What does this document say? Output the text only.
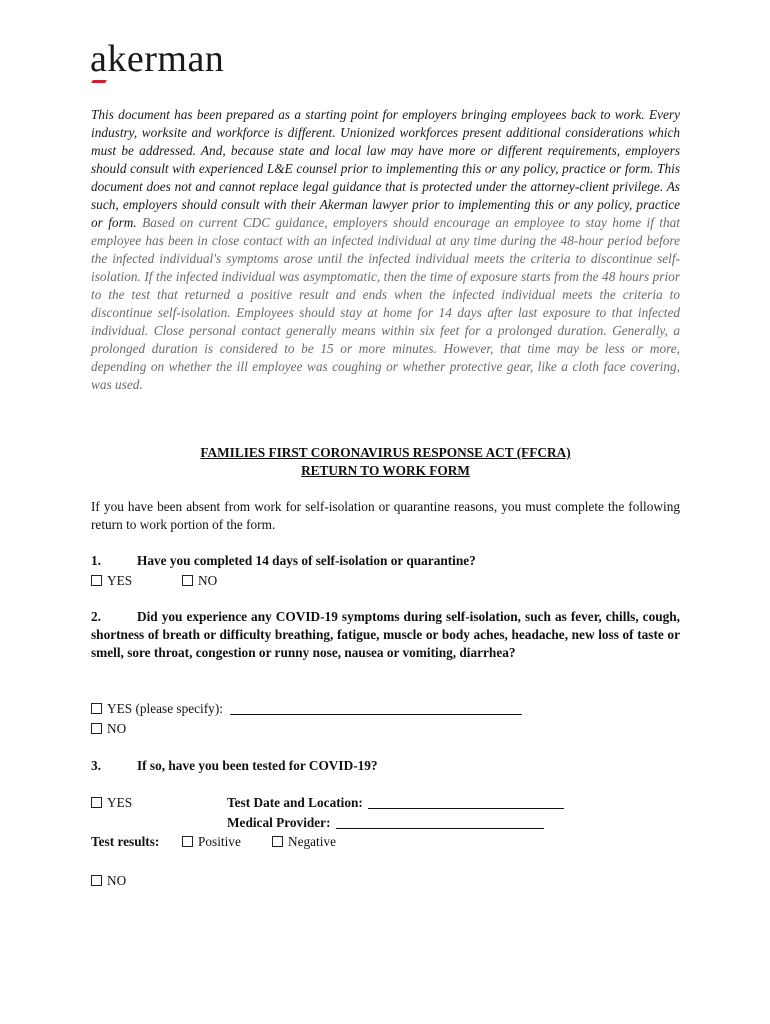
akerman

This document has been prepared as a starting point for employers bringing employees back to work. Every industry, worksite and workforce is different. Unionized workforces present additional considerations which must be addressed. And, because state and local law may have more or different requirements, employers should consult with experienced L&E counsel prior to implementing this or any policy, practice or form. This document does not and cannot replace legal guidance that is protected under the attorney-client privilege. As such, employers should consult with their Akerman lawyer prior to implementing this or any policy, practice or form. Based on current CDC guidance, employers should encourage an employee to stay home if that employee has been in close contact with an infected individual at any time during the 48-hour period before the infected individual's symptoms arose until the infected individual meets the criteria to discontinue self- isolation. If the infected individual was asymptomatic, then the time of exposure starts from the 48 hours prior to the test that returned a positive result and ends when the infected individual meets the criteria to discontinue self-isolation. Employees should stay at home for 14 days after last exposure to that infected individual. Close personal contact generally means within six feet for a prolonged duration. Generally, a prolonged duration is considered to be 15 or more minutes. However, that time may be less or more, depending on whether the ill employee was coughing or whether protective gear, like a cloth face covering, was used.

FAMILIES FIRST CORONAVIRUS RESPONSE ACT (FFCRA)
RETURN TO WORK FORM

If you have been absent from work for self-isolation or quarantine reasons, you must complete the following return to work portion of the form.

1.	Have you completed 14 days of self-isolation or quarantine?
YES	NO
2.	Did you experience any COVID-19 symptoms during self-isolation, such as fever, chills, cough, shortness of breath or difficulty breathing, fatigue, muscle or body aches, headache, new loss of taste or smell, sore throat, congestion or runny nose, nausea or vomiting, diarrhea?
YES (please specify):
NO
3.	If so, have you been tested for COVID-19?
YES	Test Date and Location:
Medical Provider:
Test results:	Positive	Negative
NO
